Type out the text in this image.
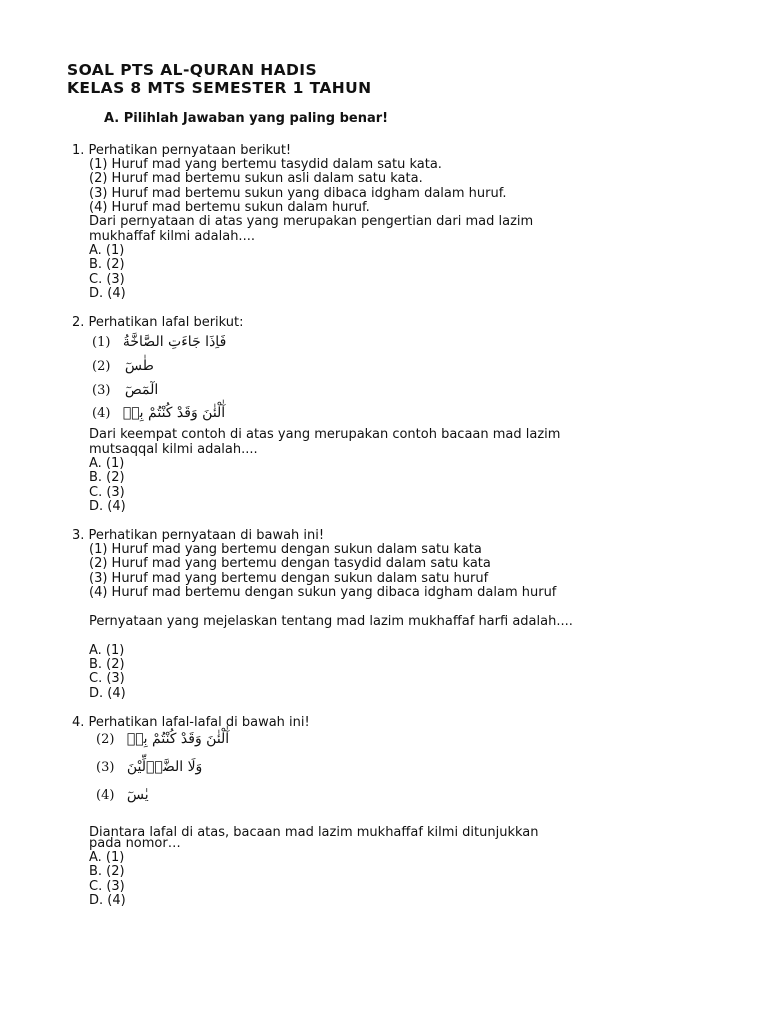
SOAL PTS AL-QURAN HADIS
KELAS 8 MTS SEMESTER 1 TAHUN
A. Pilihlah Jawaban yang paling benar!
1. Perhatikan pernyataan berikut!
(1) Huruf mad yang bertemu tasydid dalam satu kata.
(2) Huruf mad bertemu sukun asli dalam satu kata.
(3) Huruf mad bertemu sukun yang dibaca idgham dalam huruf.
(4) Huruf mad bertemu sukun dalam huruf.
Dari pernyataan di atas yang merupakan pengertian dari mad lazim
mukhaffaf kilmi adalah....
A. (1)
B. (2)
C. (3)
D. (4)
2. Perhatikan lafal berikut:
(1) فَاِذَا جَاءَتِ الصَّاخَّةُ
(2) طٰسٓ
(3) الٓمٓصٓ
(4) آٰلْئٰنَ وَقَدْ كُنْتُمْ بِهٖ
Dari keempat contoh di atas yang merupakan contoh bacaan mad lazim
mutsaqqal kilmi adalah....
A. (1)
B. (2)
C. (3)
D. (4)
3. Perhatikan pernyataan di bawah ini!
(1) Huruf mad yang bertemu dengan sukun dalam satu kata
(2) Huruf mad yang bertemu dengan tasydid dalam satu kata
(3) Huruf mad yang bertemu dengan sukun dalam satu huruf
(4) Huruf mad bertemu dengan sukun yang dibaca idgham dalam huruf
Pernyataan yang mejelaskan tentang mad lazim mukhaffaf harfi adalah....
A. (1)
B. (2)
C. (3)
D. (4)
4. Perhatikan lafal-lafal di bawah ini!
(2) آٰلْئٰنَ وَقَدْ كُنْتُمْ بِهٖ
(3) وَلَا الضَّاۤلِّيْنَ
(4) يٰسٓ
Diantara lafal di atas, bacaan mad lazim mukhaffaf kilmi ditunjukkan
pada nomor…
A. (1)
B. (2)
C. (3)
D. (4)
